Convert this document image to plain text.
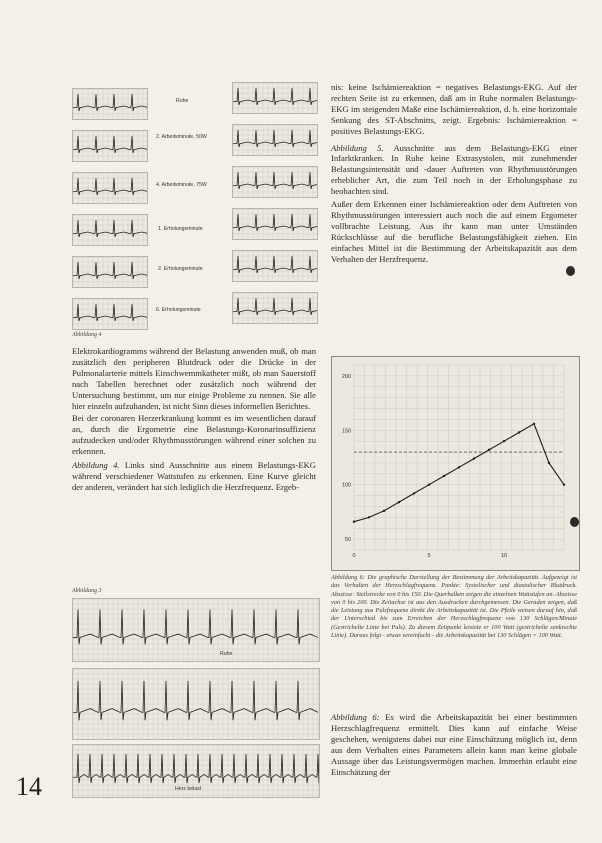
Ruhe
2. Arbeitsminute, 50W
4. Arbeitsminute, 75W
1. Erholungsminute
2. Erholungsminute
6. Erholungsminute
Abbildung 4

Elektrokardiogramms während der Belastung anwenden muß, ob man zusätzlich den peripheren Blutdruck oder die Drücke in der Pulmonalarterie mittels Einschwemmkatheter mißt, ob man Sauerstoff nach Tabellen berechnet oder zusätzlich noch während der Untersuchung bestimmt, um nur einige Probleme zu nennen. Sie alle hier einzeln aufzuhanden, ist nicht Sinn dieses informellen Berichtes.

Bei der coronaren Herzerkrankung kommt es im wesentlichen darauf an, durch die Ergometrie eine Belastungs-Koronarinsuffizienz aufzudecken und/oder Rhythmusstörungen während einer solchen zu erkennen.

Abbildung 4. Links sind Ausschnitte aus einem Belastungs-EKG während verschiedener Wattstufen zu erkennen. Eine Kurve gleicht der anderen, verändert hat sich lediglich die Herzfrequenz. Ergeb-

Abbildung 3
Ruhe
Herz belast

nis: keine Ischämiereaktion = negatives Belastungs-EKG. Auf der rechten Seite ist zu erkennen, daß am in Ruhe normalen Belastungs-EKG im steigenden Maße eine Ischämiereaktion, d. h. eine horizontale Senkung des ST-Abschnitts, zeigt. Ergebnis: Ischämiereaktion = positives Belastungs-EKG.

Abbildung 5. Ausschnitte aus dem Belastungs-EKG einer Infarktkranken. In Ruhe keine Extrasystolen, mit zunehmender Belastungsintensität und -dauer Auftreten von Rhythmusstörungen erheblicher Art, die zum Teil noch in der Erholungsphase zu beobachten sind.

Außer dem Erkennen einer Ischämiereaktion oder dem Auftreten von Rhythmusstörungen interessiert auch noch die auf einem Ergometer vollbrachte Leistung. Aus ihr kann man unter Umständen Rückschlüsse auf die berufliche Belastungsfähigkeit ziehen. Ein einfaches Mittel ist die Bestimmung der Arbeitskapazität aus dem Verhalten der Herzfrequenz.

200
150
100
50
0	5	10

Abbildung 6: Die graphische Darstellung der Bestimmung der Arbeitskapazität. Aufgezeigt ist das Verhalten der Herzschlagfrequenz. Punkte: Systolischer und diastolischer Blutdruck. Abszisse: Steilstrecke von 0 bis 150. Die Querbalken zeigen die einzelnen Wattstufen an. Abszisse von 0 bis 200. Die Zeitachse ist aus den Ausdrucken durchgemessen. Die Geraden zeigen, daß die Leistung aus Pulsfrequenz direkt die Arbeitskapazität ist. Die Pfeile weisen darauf hin, daß der Unterschied bis zum Erreichen der Herzschlagfrequenz von 130 Schlägen/Minute (Gestrichelte Linie bei Puls). Zu diesem Zeitpunkt leistete er 100 Watt (gestrichelte senkrechte Linie). Daraus folgt - etwas vereinfacht - die Arbeitskapazität bei 130 Schlägen = 100 Watt.

Abbildung 6: Es wird die Arbeitskapazität bei einer bestimmten Herzschlagfrequenz ermittelt. Dies kann auf einfache Weise geschehen, wenigstens dabei nur eine Einschätzung möglich ist, denn aus dem Verhalten eines Parameters allein kann man keine globale Aussage über das Leistungsvermögen machen. Immerhin erlaubt eine Einschätzung der

14
